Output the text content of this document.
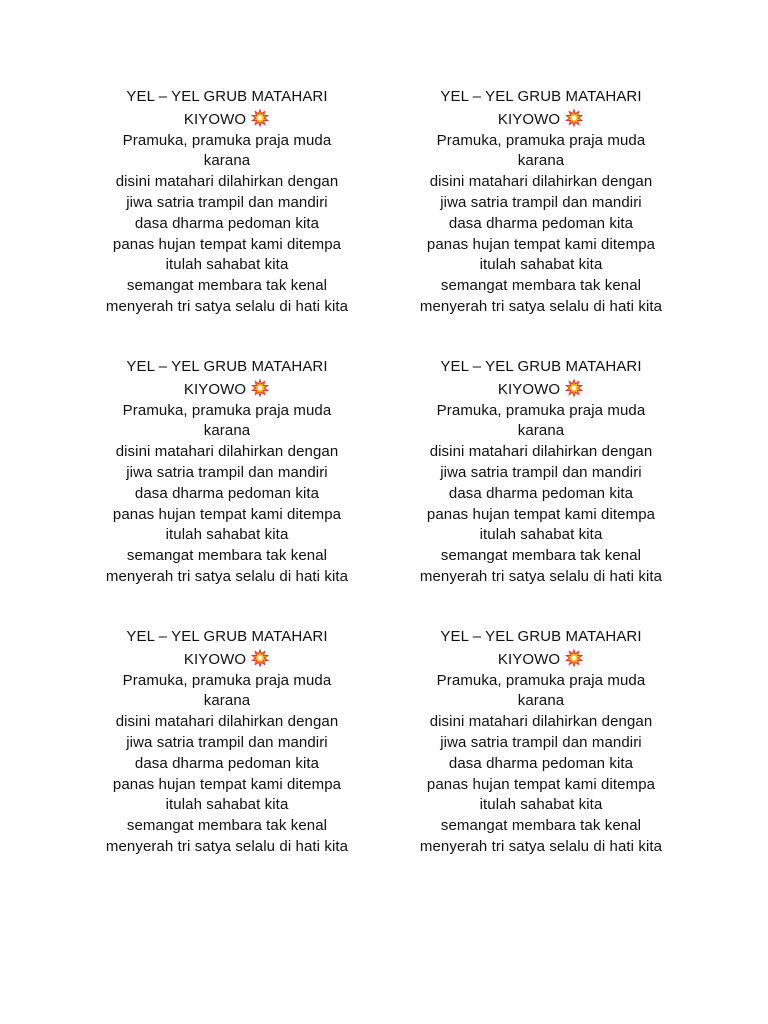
YEL – YEL GRUB MATAHARI
KIYOWO
Pramuka, pramuka praja muda
karana
disini matahari dilahirkan dengan
jiwa satria trampil dan mandiri
dasa dharma pedoman kita
panas hujan tempat kami ditempa
itulah sahabat kita
semangat membara tak kenal
menyerah tri satya selalu di hati kita
YEL – YEL GRUB MATAHARI
KIYOWO
Pramuka, pramuka praja muda
karana
disini matahari dilahirkan dengan
jiwa satria trampil dan mandiri
dasa dharma pedoman kita
panas hujan tempat kami ditempa
itulah sahabat kita
semangat membara tak kenal
menyerah tri satya selalu di hati kita
YEL – YEL GRUB MATAHARI
KIYOWO
Pramuka, pramuka praja muda
karana
disini matahari dilahirkan dengan
jiwa satria trampil dan mandiri
dasa dharma pedoman kita
panas hujan tempat kami ditempa
itulah sahabat kita
semangat membara tak kenal
menyerah tri satya selalu di hati kita
YEL – YEL GRUB MATAHARI
KIYOWO
Pramuka, pramuka praja muda
karana
disini matahari dilahirkan dengan
jiwa satria trampil dan mandiri
dasa dharma pedoman kita
panas hujan tempat kami ditempa
itulah sahabat kita
semangat membara tak kenal
menyerah tri satya selalu di hati kita
YEL – YEL GRUB MATAHARI
KIYOWO
Pramuka, pramuka praja muda
karana
disini matahari dilahirkan dengan
jiwa satria trampil dan mandiri
dasa dharma pedoman kita
panas hujan tempat kami ditempa
itulah sahabat kita
semangat membara tak kenal
menyerah tri satya selalu di hati kita
YEL – YEL GRUB MATAHARI
KIYOWO
Pramuka, pramuka praja muda
karana
disini matahari dilahirkan dengan
jiwa satria trampil dan mandiri
dasa dharma pedoman kita
panas hujan tempat kami ditempa
itulah sahabat kita
semangat membara tak kenal
menyerah tri satya selalu di hati kita
